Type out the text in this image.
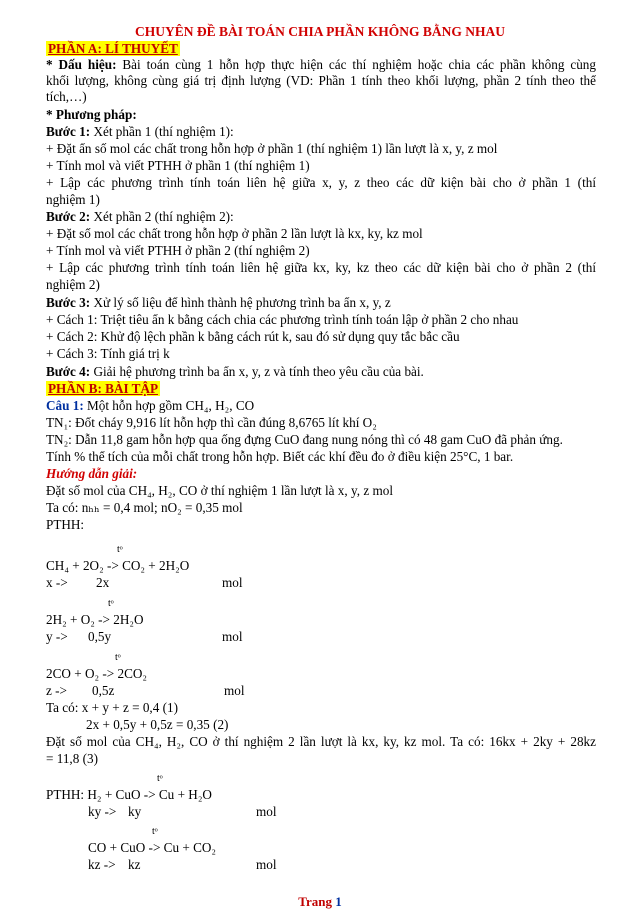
CHUYÊN ĐỀ BÀI TOÁN CHIA PHẦN KHÔNG BẰNG NHAU
PHẦN A: LÍ THUYẾT
* Dấu hiệu: Bài toán cùng 1 hỗn hợp thực hiện các thí nghiệm hoặc chia các phần không cùng
khối lượng, không cùng giá trị định lượng (VD: Phần 1 tính theo khối lượng, phần 2 tính theo thể
tích,…)
* Phương pháp:
Bước 1: Xét phần 1 (thí nghiệm 1):
+ Đặt ẩn số mol các chất trong hỗn hợp ở phần 1 (thí nghiệm 1) lần lượt là x, y, z mol
+ Tính mol và viết PTHH ở phần 1 (thí nghiệm 1)
+ Lập các phương trình tính toán liên hệ giữa x, y, z theo các dữ kiện bài cho ở phần 1 (thí
nghiệm 1)
Bước 2: Xét phần 2 (thí nghiệm 2):
+ Đặt số mol các chất trong hỗn hợp ở phần 2 lần lượt là kx, ky, kz mol
+ Tính mol và viết PTHH ở phần 2 (thí nghiệm 2)
+ Lập các phương trình tính toán liên hệ giữa kx, ky, kz theo các dữ kiện bài cho ở phần 2 (thí
nghiệm 2)
Bước 3: Xử lý số liệu để hình thành hệ phương trình ba ẩn x, y, z
+ Cách 1: Triệt tiêu ẩn k bằng cách chia các phương trình tính toán lập ở phần 2 cho nhau
+ Cách 2: Khử độ lệch phần k bằng cách rút k, sau đó sử dụng quy tắc bắc cầu
+ Cách 3: Tính giá trị k
Bước 4: Giải hệ phương trình ba ẩn x, y, z và tính theo yêu cầu của bài.
PHẦN B: BÀI TẬP
Câu 1: Một hỗn hợp gồm CH₄, H₂, CO
TN₁: Đốt cháy 9,916 lít hỗn hợp thì cần đúng 8,6765 lít khí O₂
TN₂: Dẫn 11,8 gam hỗn hợp qua ống đựng CuO đang nung nóng thì có 48 gam CuO đã phản ứng.
Tính % thể tích của mỗi chất trong hỗn hợp. Biết các khí đều đo ở điều kiện 25°C, 1 bar.
Hướng dẫn giải:
Đặt số mol của CH₄, H₂, CO ở thí nghiệm 1 lần lượt là x, y, z mol
Ta có: nₕₕ = 0,4 mol; nO₂ = 0,35 mol
PTHH:
tᵒ
CH₄ + 2O₂ -> CO₂ + 2H₂O
x -> 2x	mol
tᵒ
2H₂ + O₂ -> 2H₂O
y -> 0,5y	mol
tᵒ
2CO + O₂ -> 2CO₂
z -> 0,5z	mol
Ta có: x + y + z = 0,4 (1)
2x + 0,5y + 0,5z = 0,35 (2)
Đặt số mol của CH₄, H₂, CO ở thí nghiệm 2 lần lượt là kx, ky, kz mol. Ta có: 16kx + 2ky + 28kz
= 11,8 (3)
tᵒ
PTHH: H₂ + CuO -> Cu + H₂O
ky -> ky	mol
tᵒ
CO + CuO -> Cu + CO₂
kz -> kz	mol
Trang 1
